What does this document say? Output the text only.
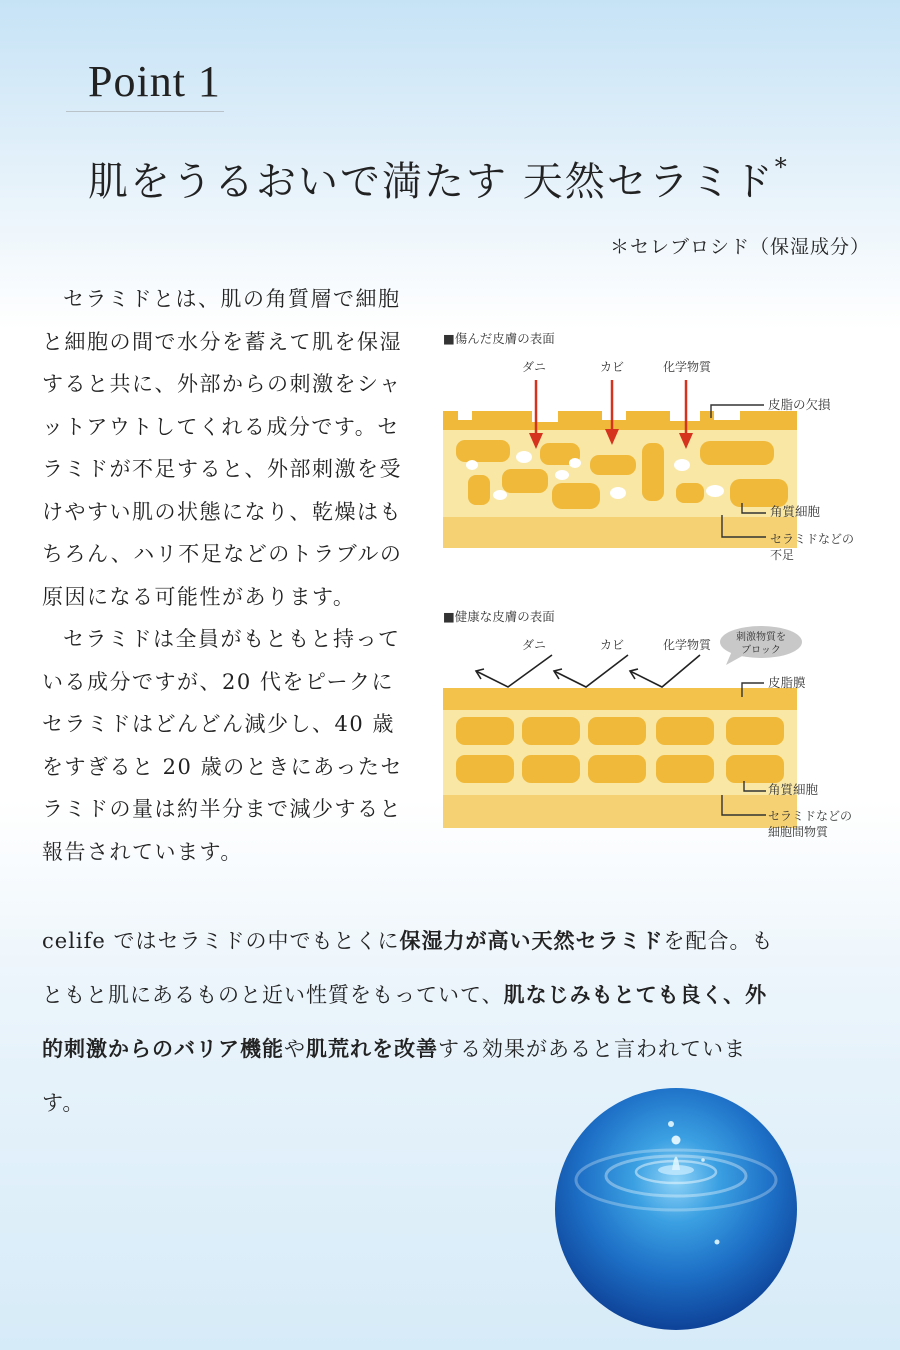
Point 1
肌をうるおいで満たす 天然セラミド*
＊セレブロシド（保湿成分）

セラミドとは、肌の角質層で細胞と細胞の間で水分を蓄えて肌を保湿すると共に、外部からの刺激をシャットアウトしてくれる成分です。セラミドが不足すると、外部刺激を受けやすい肌の状態になり、乾燥はもちろん、ハリ不足などのトラブルの原因になる可能性があります。

セラミドは全員がもともと持っている成分ですが、20 代をピークにセラミドはどんどん減少し、40 歳をすぎると 20 歳のときにあったセラミドの量は約半分まで減少すると報告されています。

■傷んだ皮膚の表面
ダニ	カビ	化学物質
皮脂の欠損
角質細胞
セラミドなどの
不足
■健康な皮膚の表面
ダニ	カビ	化学物質
刺激物質を
ブロック
皮脂膜
角質細胞
セラミドなどの
細胞間物質
celife ではセラミドの中でもとくに保湿力が高い天然セラミドを配合。もともと肌にあるものと近い性質をもっていて、肌なじみもとても良く、外的刺激からのバリア機能や肌荒れを改善する効果があると言われています。
